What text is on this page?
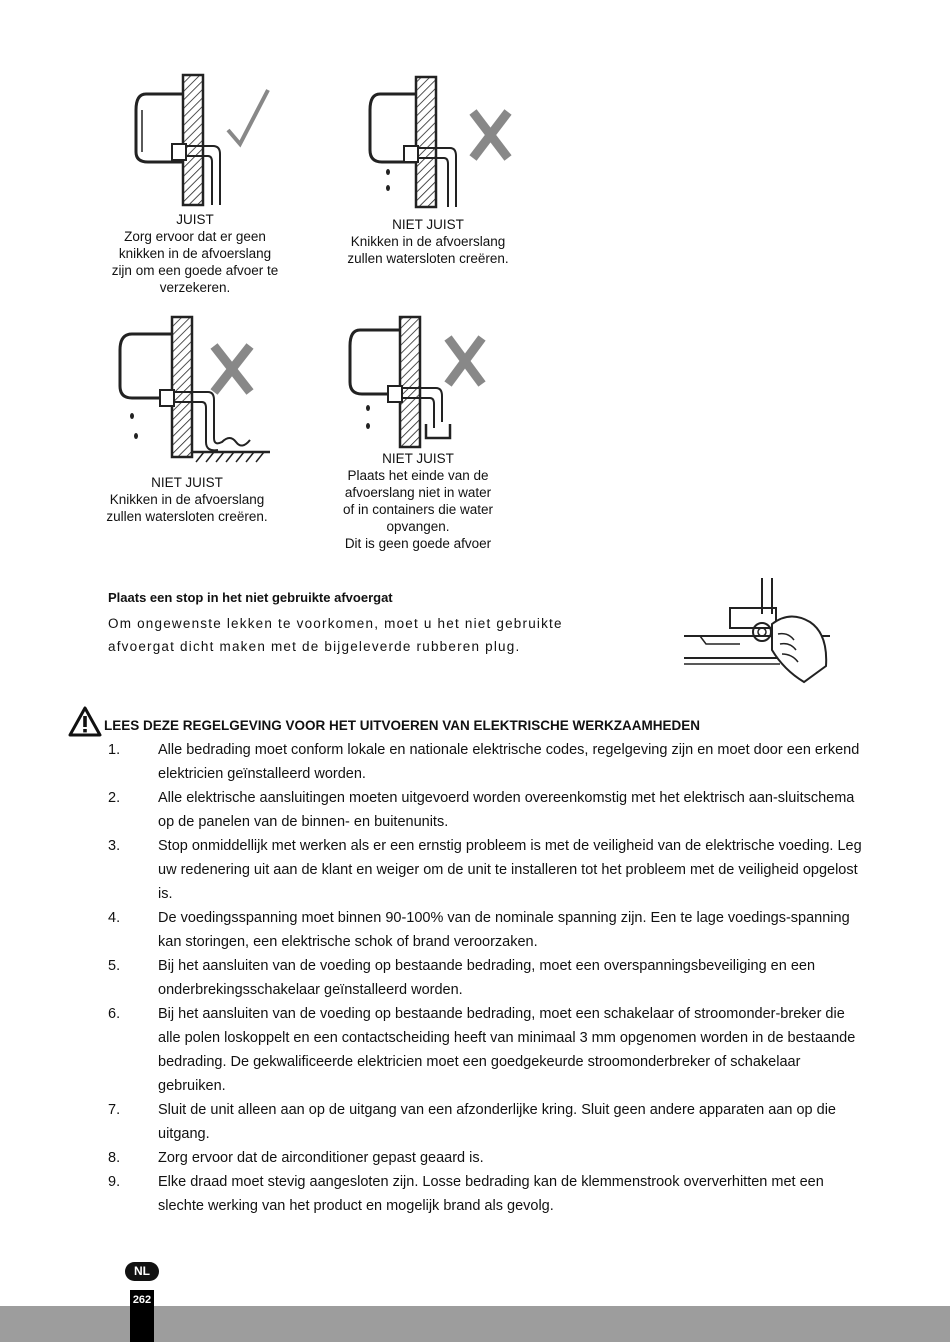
JUIST
Zorg ervoor dat er geen
knikken in de afvoerslang
zijn om een goede afvoer te
verzekeren.
NIET JUIST
Knikken in de afvoerslang
zullen watersloten creëren.
NIET JUIST
Knikken in de afvoerslang
zullen watersloten creëren.
NIET JUIST
Plaats het einde van de
afvoerslang niet in water
of in containers die water
opvangen.
Dit is geen goede afvoer
Plaats een stop in het niet gebruikte afvoergat
Om ongewenste lekken te voorkomen, moet u het niet gebruikte afvoergat dicht maken met de bijgeleverde rubberen plug.
LEES DEZE REGELGEVING VOOR HET UITVOEREN VAN ELEKTRISCHE WERKZAAMHEDEN
1.	Alle bedrading moet conform lokale en nationale elektrische codes, regelgeving zijn en moet door een erkend elektricien geïnstalleerd worden.
2.	Alle elektrische aansluitingen moeten uitgevoerd worden overeenkomstig met het elektrisch aan-sluitschema op de panelen van de binnen- en buitenunits.
3.	Stop onmiddellijk met werken als er een ernstig probleem is met de veiligheid van de elektrische voeding. Leg uw redenering uit aan de klant en weiger om de unit te installeren tot het probleem met de veiligheid opgelost is.
4.	De voedingsspanning moet binnen 90-100% van de nominale spanning zijn. Een te lage voedings-spanning kan storingen, een elektrische schok of brand veroorzaken.
5.	Bij het aansluiten van de voeding op bestaande bedrading, moet een overspanningsbeveiliging en een onderbrekingsschakelaar geïnstalleerd worden.
6.	Bij het aansluiten van de voeding op bestaande bedrading, moet een schakelaar of stroomonder-breker die alle polen loskoppelt en een contactscheiding heeft van minimaal 3 mm opgenomen worden in de bestaande bedrading. De gekwalificeerde elektricien moet een goedgekeurde stroomonderbreker of schakelaar gebruiken.
7.	Sluit de unit alleen aan op de uitgang van een afzonderlijke kring. Sluit geen andere apparaten aan op die uitgang.
8.	Zorg ervoor dat de airconditioner gepast geaard is.
9.	Elke draad moet stevig aangesloten zijn. Losse bedrading kan de klemmenstrook oververhitten met een slechte werking van het product en mogelijk brand als gevolg.
NL
262
